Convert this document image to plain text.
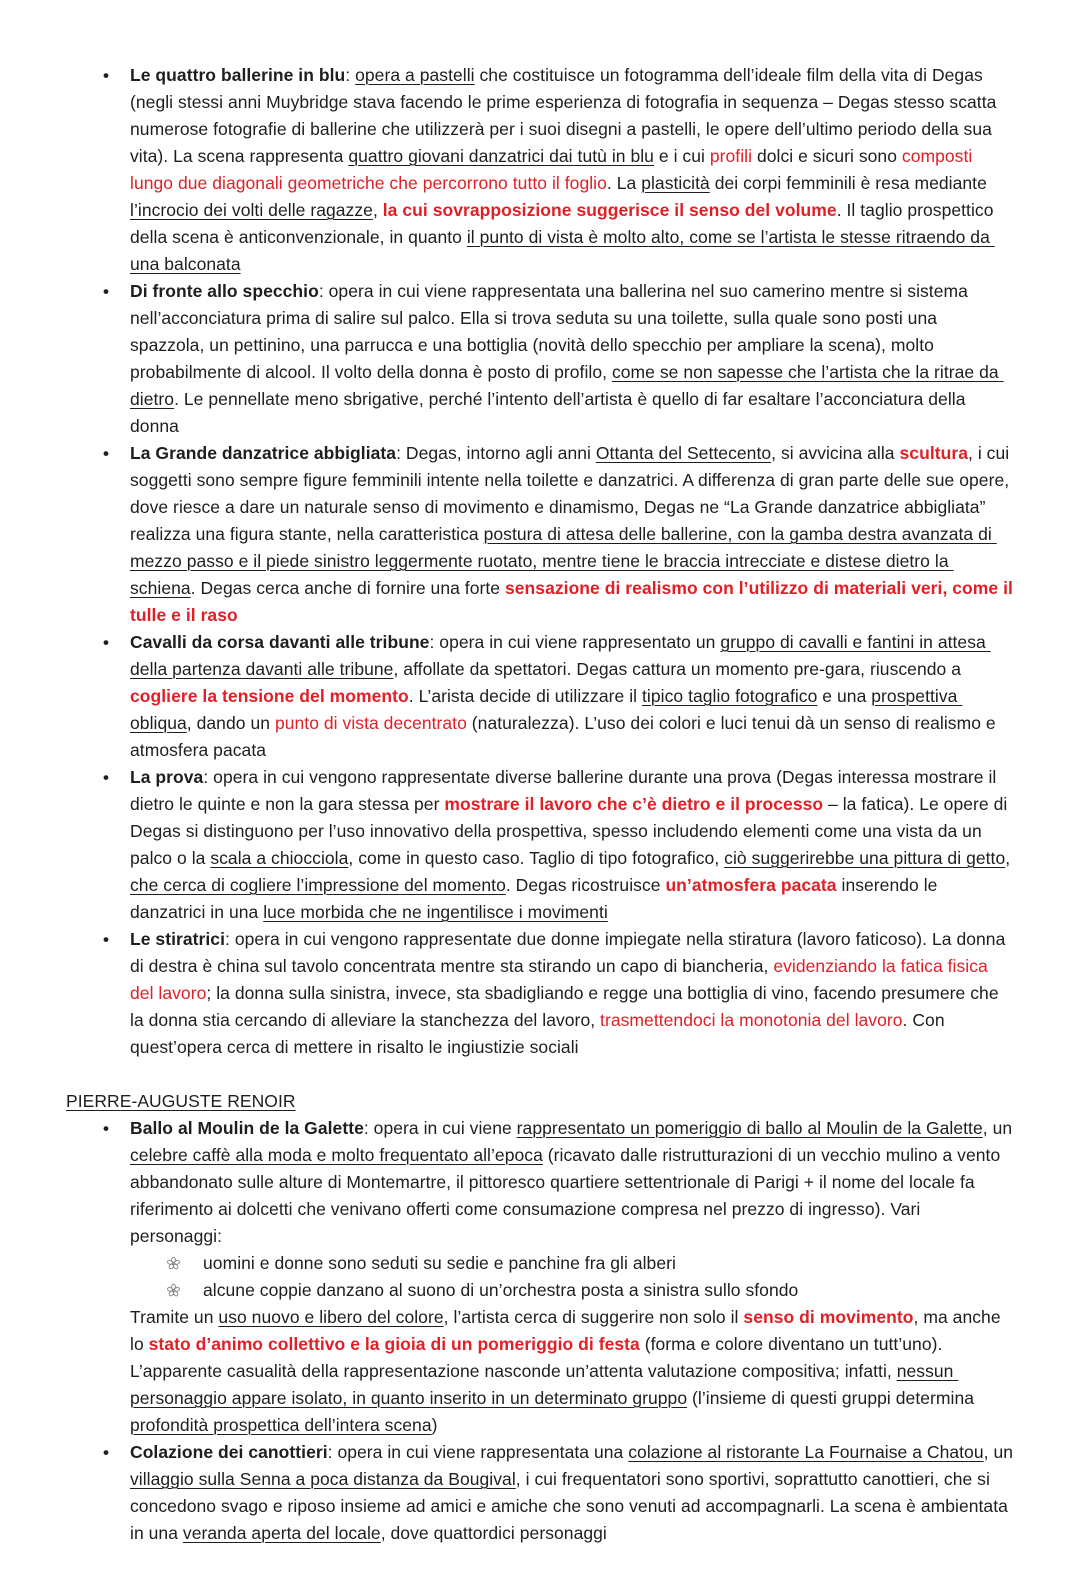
•	Le quattro ballerine in blu: opera a pastelli che costituisce un fotogramma dell’ideale film della vita di Degas (negli stessi anni Muybridge stava facendo le prime esperienza di fotografia in sequenza – Degas stesso scatta numerose fotografie di ballerine che utilizzerà per i suoi disegni a pastelli, le opere dell’ultimo periodo della sua vita). La scena rappresenta quattro giovani danzatrici dai tutù in blu e i cui profili dolci e sicuri sono composti lungo due diagonali geometriche che percorrono tutto il foglio. La plasticità dei corpi femminili è resa mediante l’incrocio dei volti delle ragazze, la cui sovrapposizione suggerisce il senso del volume. Il taglio prospettico della scena è anticonvenzionale, in quanto il punto di vista è molto alto, come se l’artista le stesse ritraendo da una balconata
•	Di fronte allo specchio: opera in cui viene rappresentata una ballerina nel suo camerino mentre si sistema nell’acconciatura prima di salire sul palco. Ella si trova seduta su una toilette, sulla quale sono posti una spazzola, un pettinino, una parrucca e una bottiglia (novità dello specchio per ampliare la scena), molto probabilmente di alcool. Il volto della donna è posto di profilo, come se non sapesse che l’artista che la ritrae da dietro. Le pennellate meno sbrigative, perché l’intento dell’artista è quello di far esaltare l’acconciatura della donna
•	La Grande danzatrice abbigliata: Degas, intorno agli anni Ottanta del Settecento, si avvicina alla scultura, i cui soggetti sono sempre figure femminili intente nella toilette e danzatrici. A differenza di gran parte delle sue opere, dove riesce a dare un naturale senso di movimento e dinamismo, Degas ne “La Grande danzatrice abbigliata” realizza una figura stante, nella caratteristica postura di attesa delle ballerine, con la gamba destra avanzata di mezzo passo e il piede sinistro leggermente ruotato, mentre tiene le braccia intrecciate e distese dietro la schiena. Degas cerca anche di fornire una forte sensazione di realismo con l’utilizzo di materiali veri, come il tulle e il raso
•	Cavalli da corsa davanti alle tribune: opera in cui viene rappresentato un gruppo di cavalli e fantini in attesa della partenza davanti alle tribune, affollate da spettatori. Degas cattura un momento pre-gara, riuscendo a cogliere la tensione del momento. L’arista decide di utilizzare il tipico taglio fotografico e una prospettiva obliqua, dando un punto di vista decentrato (naturalezza). L’uso dei colori e luci tenui dà un senso di realismo e atmosfera pacata
•	La prova: opera in cui vengono rappresentate diverse ballerine durante una prova (Degas interessa mostrare il dietro le quinte e non la gara stessa per mostrare il lavoro che c’è dietro e il processo – la fatica). Le opere di Degas si distinguono per l’uso innovativo della prospettiva, spesso includendo elementi come una vista da un palco o la scala a chiocciola, come in questo caso. Taglio di tipo fotografico, ciò suggerirebbe una pittura di getto, che cerca di cogliere l’impressione del momento. Degas ricostruisce un’atmosfera pacata inserendo le danzatrici in una luce morbida che ne ingentilisce i movimenti
•	Le stiratrici: opera in cui vengono rappresentate due donne impiegate nella stiratura (lavoro faticoso). La donna di destra è china sul tavolo concentrata mentre sta stirando un capo di biancheria, evidenziando la fatica fisica del lavoro; la donna sulla sinistra, invece, sta sbadigliando e regge una bottiglia di vino, facendo presumere che la donna stia cercando di alleviare la stanchezza del lavoro, trasmettendoci la monotonia del lavoro. Con quest’opera cerca di mettere in risalto le ingiustizie sociali
PIERRE-AUGUSTE RENOIR
•	Ballo al Moulin de la Galette: opera in cui viene rappresentato un pomeriggio di ballo al Moulin de la Galette, un celebre caffè alla moda e molto frequentato all’epoca (ricavato dalle ristrutturazioni di un vecchio mulino a vento abbandonato sulle alture di Montemartre, il pittoresco quartiere settentrionale di Parigi + il nome del locale fa riferimento ai dolcetti che venivano offerti come consumazione compresa nel prezzo di ingresso). Vari personaggi:
uomini e donne sono seduti su sedie e panchine fra gli alberi
alcune coppie danzano al suono di un’orchestra posta a sinistra sullo sfondo
Tramite un uso nuovo e libero del colore, l’artista cerca di suggerire non solo il senso di movimento, ma anche lo stato d’animo collettivo e la gioia di un pomeriggio di festa (forma e colore diventano un tutt’uno). L’apparente casualità della rappresentazione nasconde un’attenta valutazione compositiva; infatti, nessun personaggio appare isolato, in quanto inserito in un determinato gruppo (l’insieme di questi gruppi determina profondità prospettica dell’intera scena)
•	Colazione dei canottieri: opera in cui viene rappresentata una colazione al ristorante La Fournaise a Chatou, un villaggio sulla Senna a poca distanza da Bougival, i cui frequentatori sono sportivi, soprattutto canottieri, che si concedono svago e riposo insieme ad amici e amiche che sono venuti ad accompagnarli. La scena è ambientata in una veranda aperta del locale, dove quattordici personaggi
